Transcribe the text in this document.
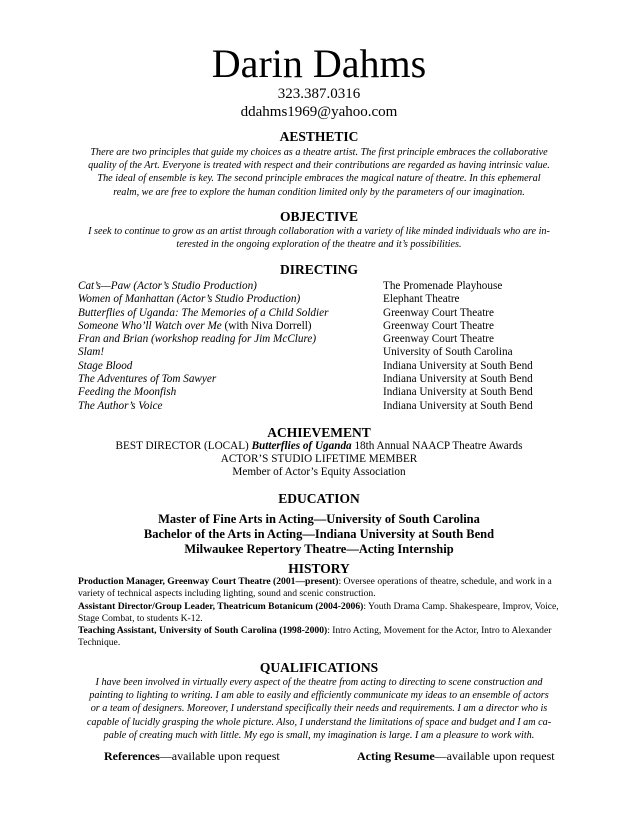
Darin Dahms
323.387.0316
ddahms1969@yahoo.com
AESTHETIC
There are two principles that guide my choices as a theatre artist. The first principle embraces the collaborative
quality of the Art. Everyone is treated with respect and their contributions are regarded as having intrinsic value.
The ideal of ensemble is key. The second principle embraces the magical nature of theatre. In this ephemeral
realm, we are free to explore the human condition limited only by the parameters of our imagination.
OBJECTIVE
I seek to continue to grow as an artist through collaboration with a variety of like minded individuals who are in-
terested in the ongoing exploration of the theatre and it’s possibilities.
DIRECTING
Cat’s—Paw (Actor’s Studio Production)	The Promenade Playhouse
Women of Manhattan (Actor’s Studio Production)	Elephant Theatre
Butterflies of Uganda: The Memories of a Child Soldier	Greenway Court Theatre
Someone Who’ll Watch over Me (with Niva Dorrell)	Greenway Court Theatre
Fran and Brian (workshop reading for Jim McClure)	Greenway Court Theatre
Slam!	University of South Carolina
Stage Blood	Indiana University at South Bend
The Adventures of Tom Sawyer	Indiana University at South Bend
Feeding the Moonfish	Indiana University at South Bend
The Author’s Voice	Indiana University at South Bend
ACHIEVEMENT
BEST DIRECTOR (LOCAL) Butterflies of Uganda 18th Annual NAACP Theatre Awards
ACTOR’S STUDIO LIFETIME MEMBER
Member of Actor’s Equity Association
EDUCATION
Master of Fine Arts in Acting—University of South Carolina
Bachelor of the Arts in Acting—Indiana University at South Bend
Milwaukee Repertory Theatre—Acting Internship
HISTORY
Production Manager, Greenway Court Theatre (2001—present): Oversee operations of theatre, schedule, and work in a variety of technical aspects including lighting, sound and scenic construction.
Assistant Director/Group Leader, Theatricum Botanicum (2004-2006): Youth Drama Camp. Shakespeare, Improv, Voice, Stage Combat, to students K-12.
Teaching Assistant, University of South Carolina (1998-2000): Intro Acting, Movement for the Actor, Intro to Alexander Technique.
QUALIFICATIONS
I have been involved in virtually every aspect of the theatre from acting to directing to scene construction and
painting to lighting to writing. I am able to easily and efficiently communicate my ideas to an ensemble of actors
or a team of designers. Moreover, I understand specifically their needs and requirements. I am a director who is
capable of lucidly grasping the whole picture. Also, I understand the limitations of space and budget and I am ca-
pable of creating much with little. My ego is small, my imagination is large. I am a pleasure to work with.
References—available upon request	Acting Resume—available upon request
